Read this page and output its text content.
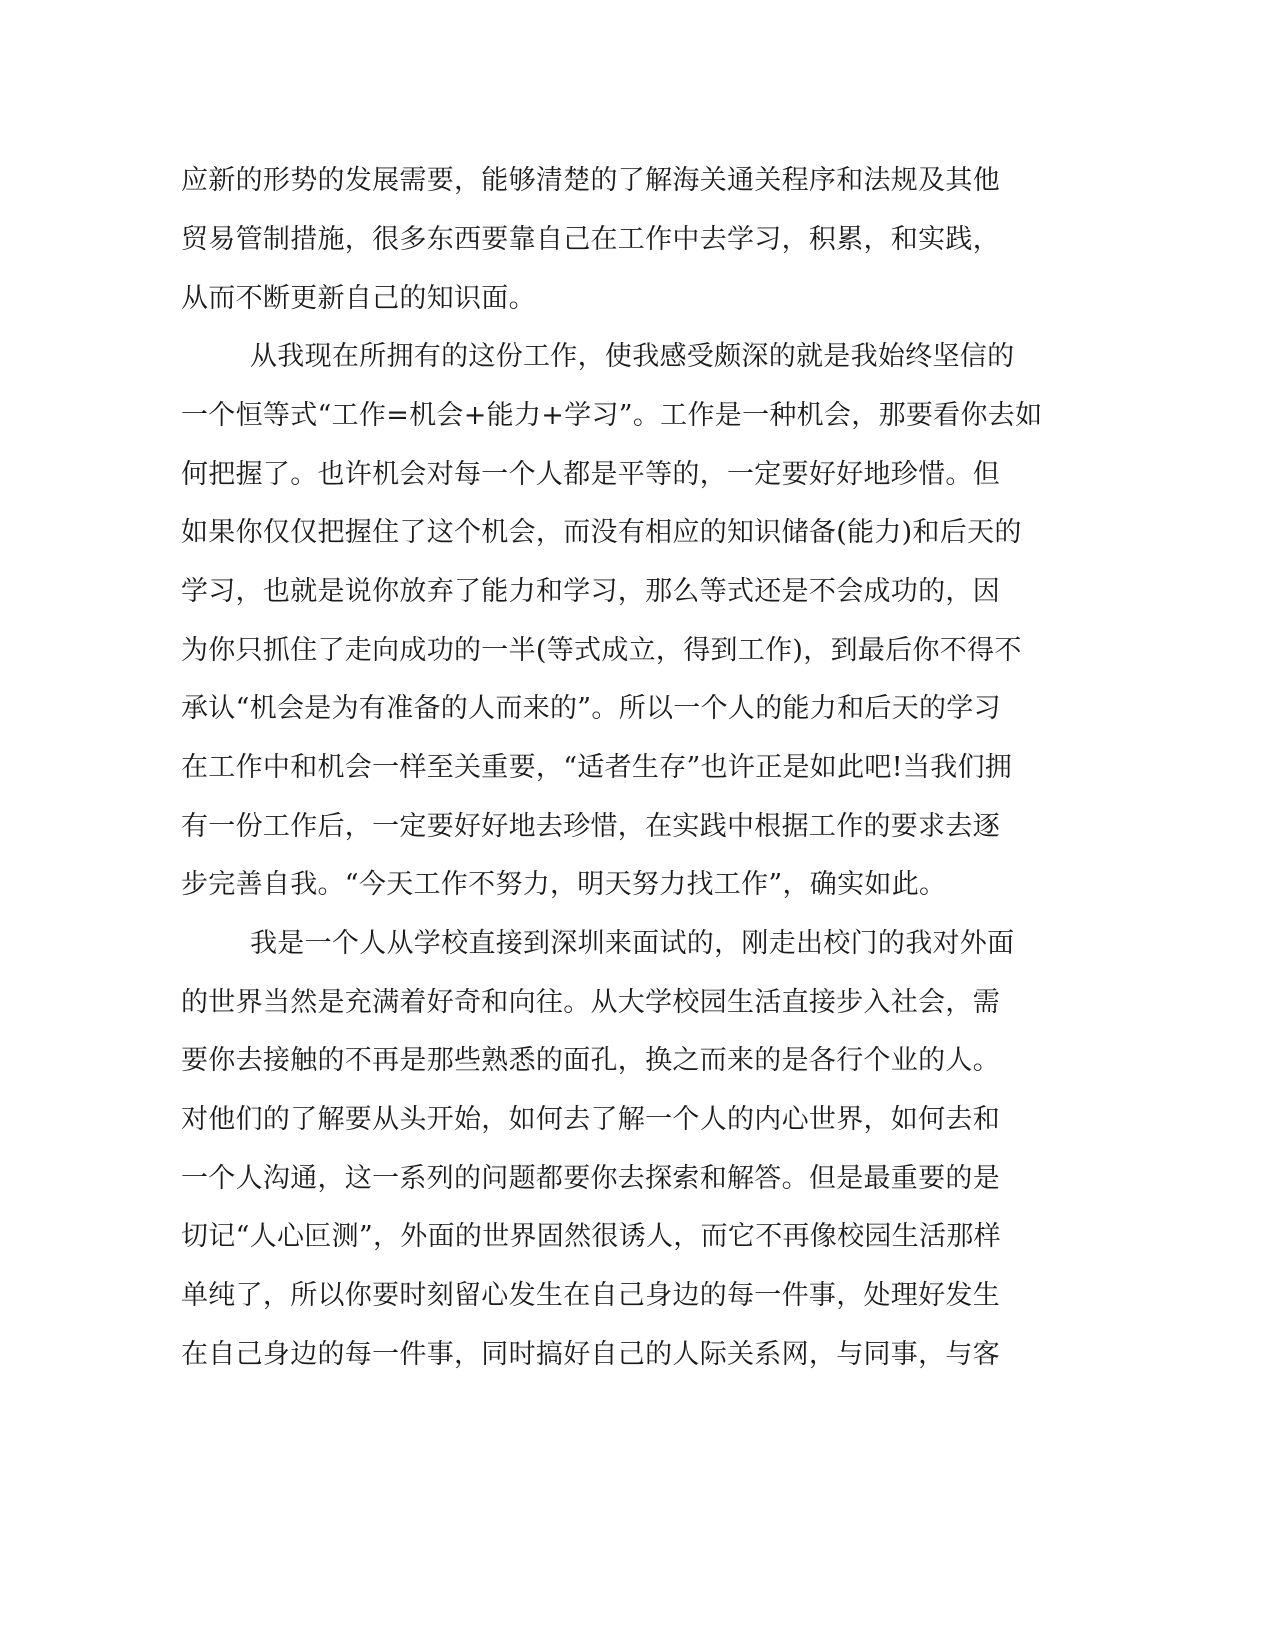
应新的形势的发展需要，能够清楚的了解海关通关程序和法规及其他

贸易管制措施，很多东西要靠自己在工作中去学习，积累，和实践，

从而不断更新自己的知识面。

从我现在所拥有的这份工作，使我感受颇深的就是我始终坚信的

一个恒等式“工作=机会+能力+学习”。工作是一种机会，那要看你去如

何把握了。也许机会对每一个人都是平等的，一定要好好地珍惜。但

如果你仅仅把握住了这个机会，而没有相应的知识储备(能力)和后天的

学习，也就是说你放弃了能力和学习，那么等式还是不会成功的，因

为你只抓住了走向成功的一半(等式成立，得到工作)，到最后你不得不

承认“机会是为有准备的人而来的”。所以一个人的能力和后天的学习

在工作中和机会一样至关重要，“适者生存”也许正是如此吧!当我们拥

有一份工作后，一定要好好地去珍惜，在实践中根据工作的要求去逐

步完善自我。“今天工作不努力，明天努力找工作”，确实如此。

我是一个人从学校直接到深圳来面试的，刚走出校门的我对外面

的世界当然是充满着好奇和向往。从大学校园生活直接步入社会，需

要你去接触的不再是那些熟悉的面孔，换之而来的是各行个业的人。

对他们的了解要从头开始，如何去了解一个人的内心世界，如何去和

一个人沟通，这一系列的问题都要你去探索和解答。但是最重要的是

切记“人心叵测”，外面的世界固然很诱人，而它不再像校园生活那样

单纯了，所以你要时刻留心发生在自己身边的每一件事，处理好发生

在自己身边的每一件事，同时搞好自己的人际关系网，与同事，与客
